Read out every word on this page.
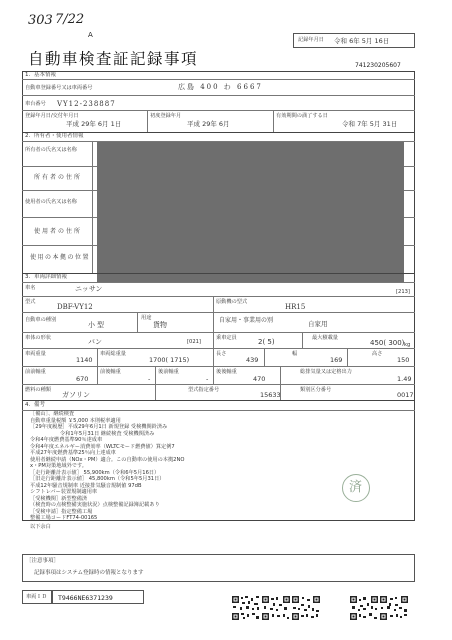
303 7/22
A
記録年月日 令和 6年 5月 16日
自動車検査証記録事項	741230205607
1．基本情報
自動車登録番号又は車両番号	広島 400 わ 6667
車台番号 VY12-238887
登録年月日/交付年月日
平成 29年 6月 1日
初度登録年月
平成 29年 6月
有効期間の満了する日
令和 7年 5月 31日
2．所有者・使用者情報
所有者の氏名又は名称
所有者の住所
使用者の氏名又は名称
使用者の住所
使用の本拠の位置
3．車両詳細情報
車名	ニッサン	[213]
型式
DBF-VY12
原動機の型式
HR15
自動車の種別
小型
用途
貨物
自家用・事業用の別	自家用
車体の形状	バン	[021]
乗車定員	2( 5)	最大積載量
450( 300) kg
車両重量
1140
車両総重量
1700( 1715)
長さ
439
幅
169
高さ
150
前前軸重
670
前後軸重
-
後前軸重
-
後後軸重
470
総排気量又は定格出力
1.49
燃料の種類
ガソリン
型式指定番号
15633
類別区分番号
0017
4．備考
［備山］、継続検査
自動車重量税額 ￥5,000 本則税率適用
［29年度履歴］平成29年6月1日 新規登録 受検機関鈴済み
令和1年5月31日 継続検査 受検機関済み
令和4年度燃費基準90％達成車
令和4年度エネルギー消費効率（WLTCモード燃費値）算定例7
平成27年度燃費基準25％向上達成車
使用者継続申請（NOx・PM）適合。この自動車の使用の本拠2NO
x・PM対策地域外です。
［走行距離計表示値］ 55,900km（令和6年5月16日）
［旧走行距離計表示値］ 45,800km（令和5年5月31日）
平成12年騒音規制車 近接排気騒音規制値 97dB
シフトレバー装置規制適用車
［受検機関］新型整備済
（検査時の点検整備実施状況）点検整備記録簿記載あり
［受検申請］指定整備工場
整備工場コードFT74-00165
以下余白
済
［注意事項］
記録事項はシステム登録時の情報となります
車両ＩＤ T9466NE6371239
